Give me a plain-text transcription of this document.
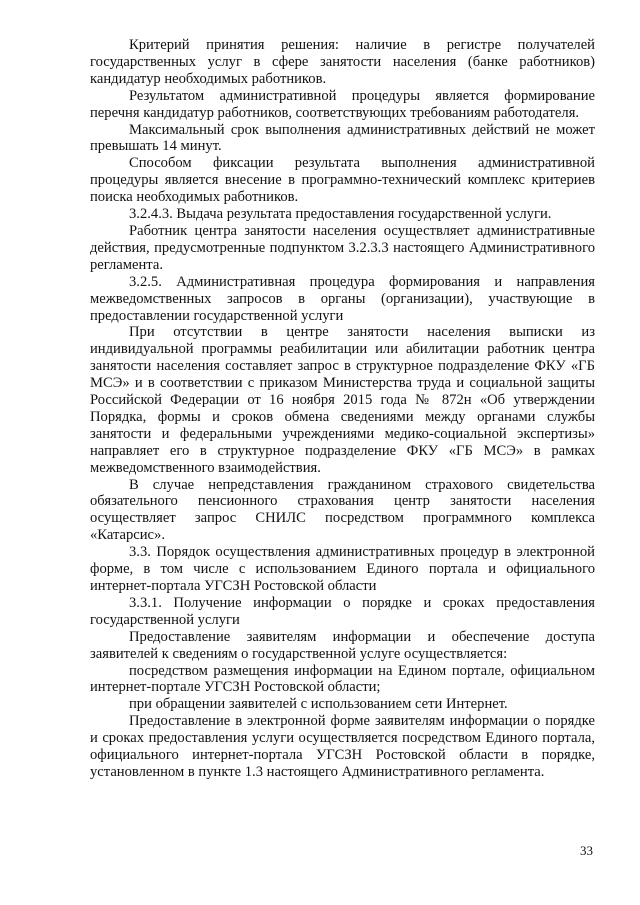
Критерий принятия решения: наличие в регистре получателей государственных услуг в сфере занятости населения (банке работников) кандидатур необходимых работников.

Результатом административной процедуры является формирование перечня кандидатур работников, соответствующих требованиям работодателя.

Максимальный срок выполнения административных действий не может превышать 14 минут.

Способом фиксации результата выполнения административной процедуры является внесение в программно-технический комплекс критериев поиска необходимых работников.

3.2.4.3. Выдача результата предоставления государственной услуги.

Работник центра занятости населения осуществляет административные действия, предусмотренные подпунктом 3.2.3.3 настоящего Административного регламента.

3.2.5. Административная процедура формирования и направления межведомственных запросов в органы (организации), участвующие в предоставлении государственной услуги

При отсутствии в центре занятости населения выписки из индивидуальной программы реабилитации или абилитации работник центра занятости населения составляет запрос в структурное подразделение ФКУ «ГБ МСЭ» и в соответствии с приказом Министерства труда и социальной защиты Российской Федерации от 16 ноября 2015 года № 872н «Об утверждении Порядка, формы и сроков обмена сведениями между органами службы занятости и федеральными учреждениями медико-социальной экспертизы» направляет его в структурное подразделение ФКУ «ГБ МСЭ» в рамках межведомственного взаимодействия.

В случае непредставления гражданином страхового свидетельства обязательного пенсионного страхования центр занятости населения осуществляет запрос СНИЛС посредством программного комплекса «Катарсис».

3.3. Порядок осуществления административных процедур в электронной форме, в том числе с использованием Единого портала и официального интернет-портала УГСЗН Ростовской области

3.3.1. Получение информации о порядке и сроках предоставления государственной услуги

Предоставление заявителям информации и обеспечение доступа заявителей к сведениям о государственной услуге осуществляется:

посредством размещения информации на Едином портале, официальном интернет-портале УГСЗН Ростовской области;

при обращении заявителей с использованием сети Интернет.

Предоставление в электронной форме заявителям информации о порядке и сроках предоставления услуги осуществляется посредством Единого портала, официального интернет-портала УГСЗН Ростовской области в порядке, установленном в пункте 1.3 настоящего Административного регламента.

33
